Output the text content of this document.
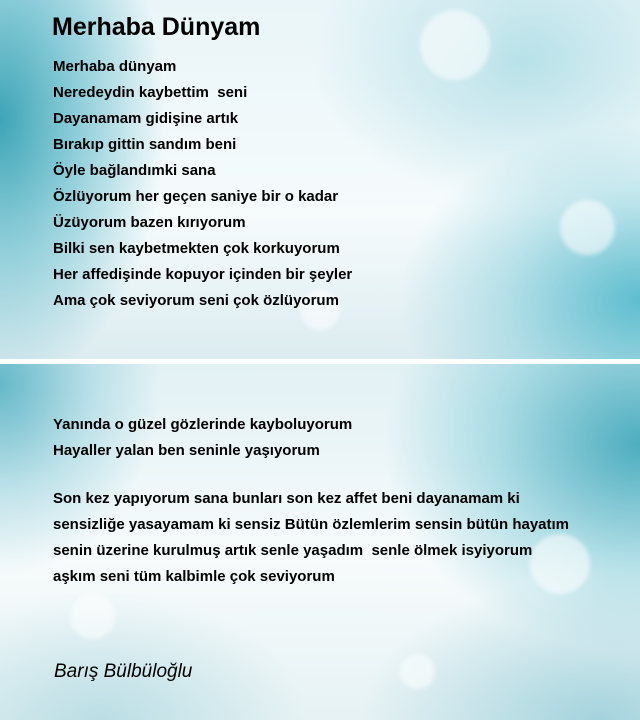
Merhaba Dünyam
Merhaba dünyam
Neredeydin kaybettim  seni
Dayanamam gidişine artık
Bırakıp gittin sandım beni
Öyle bağlandımki sana
Özlüyorum her geçen saniye bir o kadar
Üzüyorum bazen kırıyorum
Bilki sen kaybetmekten çok korkuyorum
Her affedişinde kopuyor içinden bir şeyler
Ama çok seviyorum seni çok özlüyorum
Yanında o güzel gözlerinde kayboluyorum
Hayaller yalan ben seninle yaşıyorum
Son kez yapıyorum sana bunları son kez affet beni dayanamam ki
sensizliğe yasayamam ki sensiz Bütün özlemlerim sensin bütün hayatım
senin üzerine kurulmuş artık senle yaşadım  senle ölmek isyiyorum
aşkım seni tüm kalbimle çok seviyorum
Barış Bülbüloğlu
